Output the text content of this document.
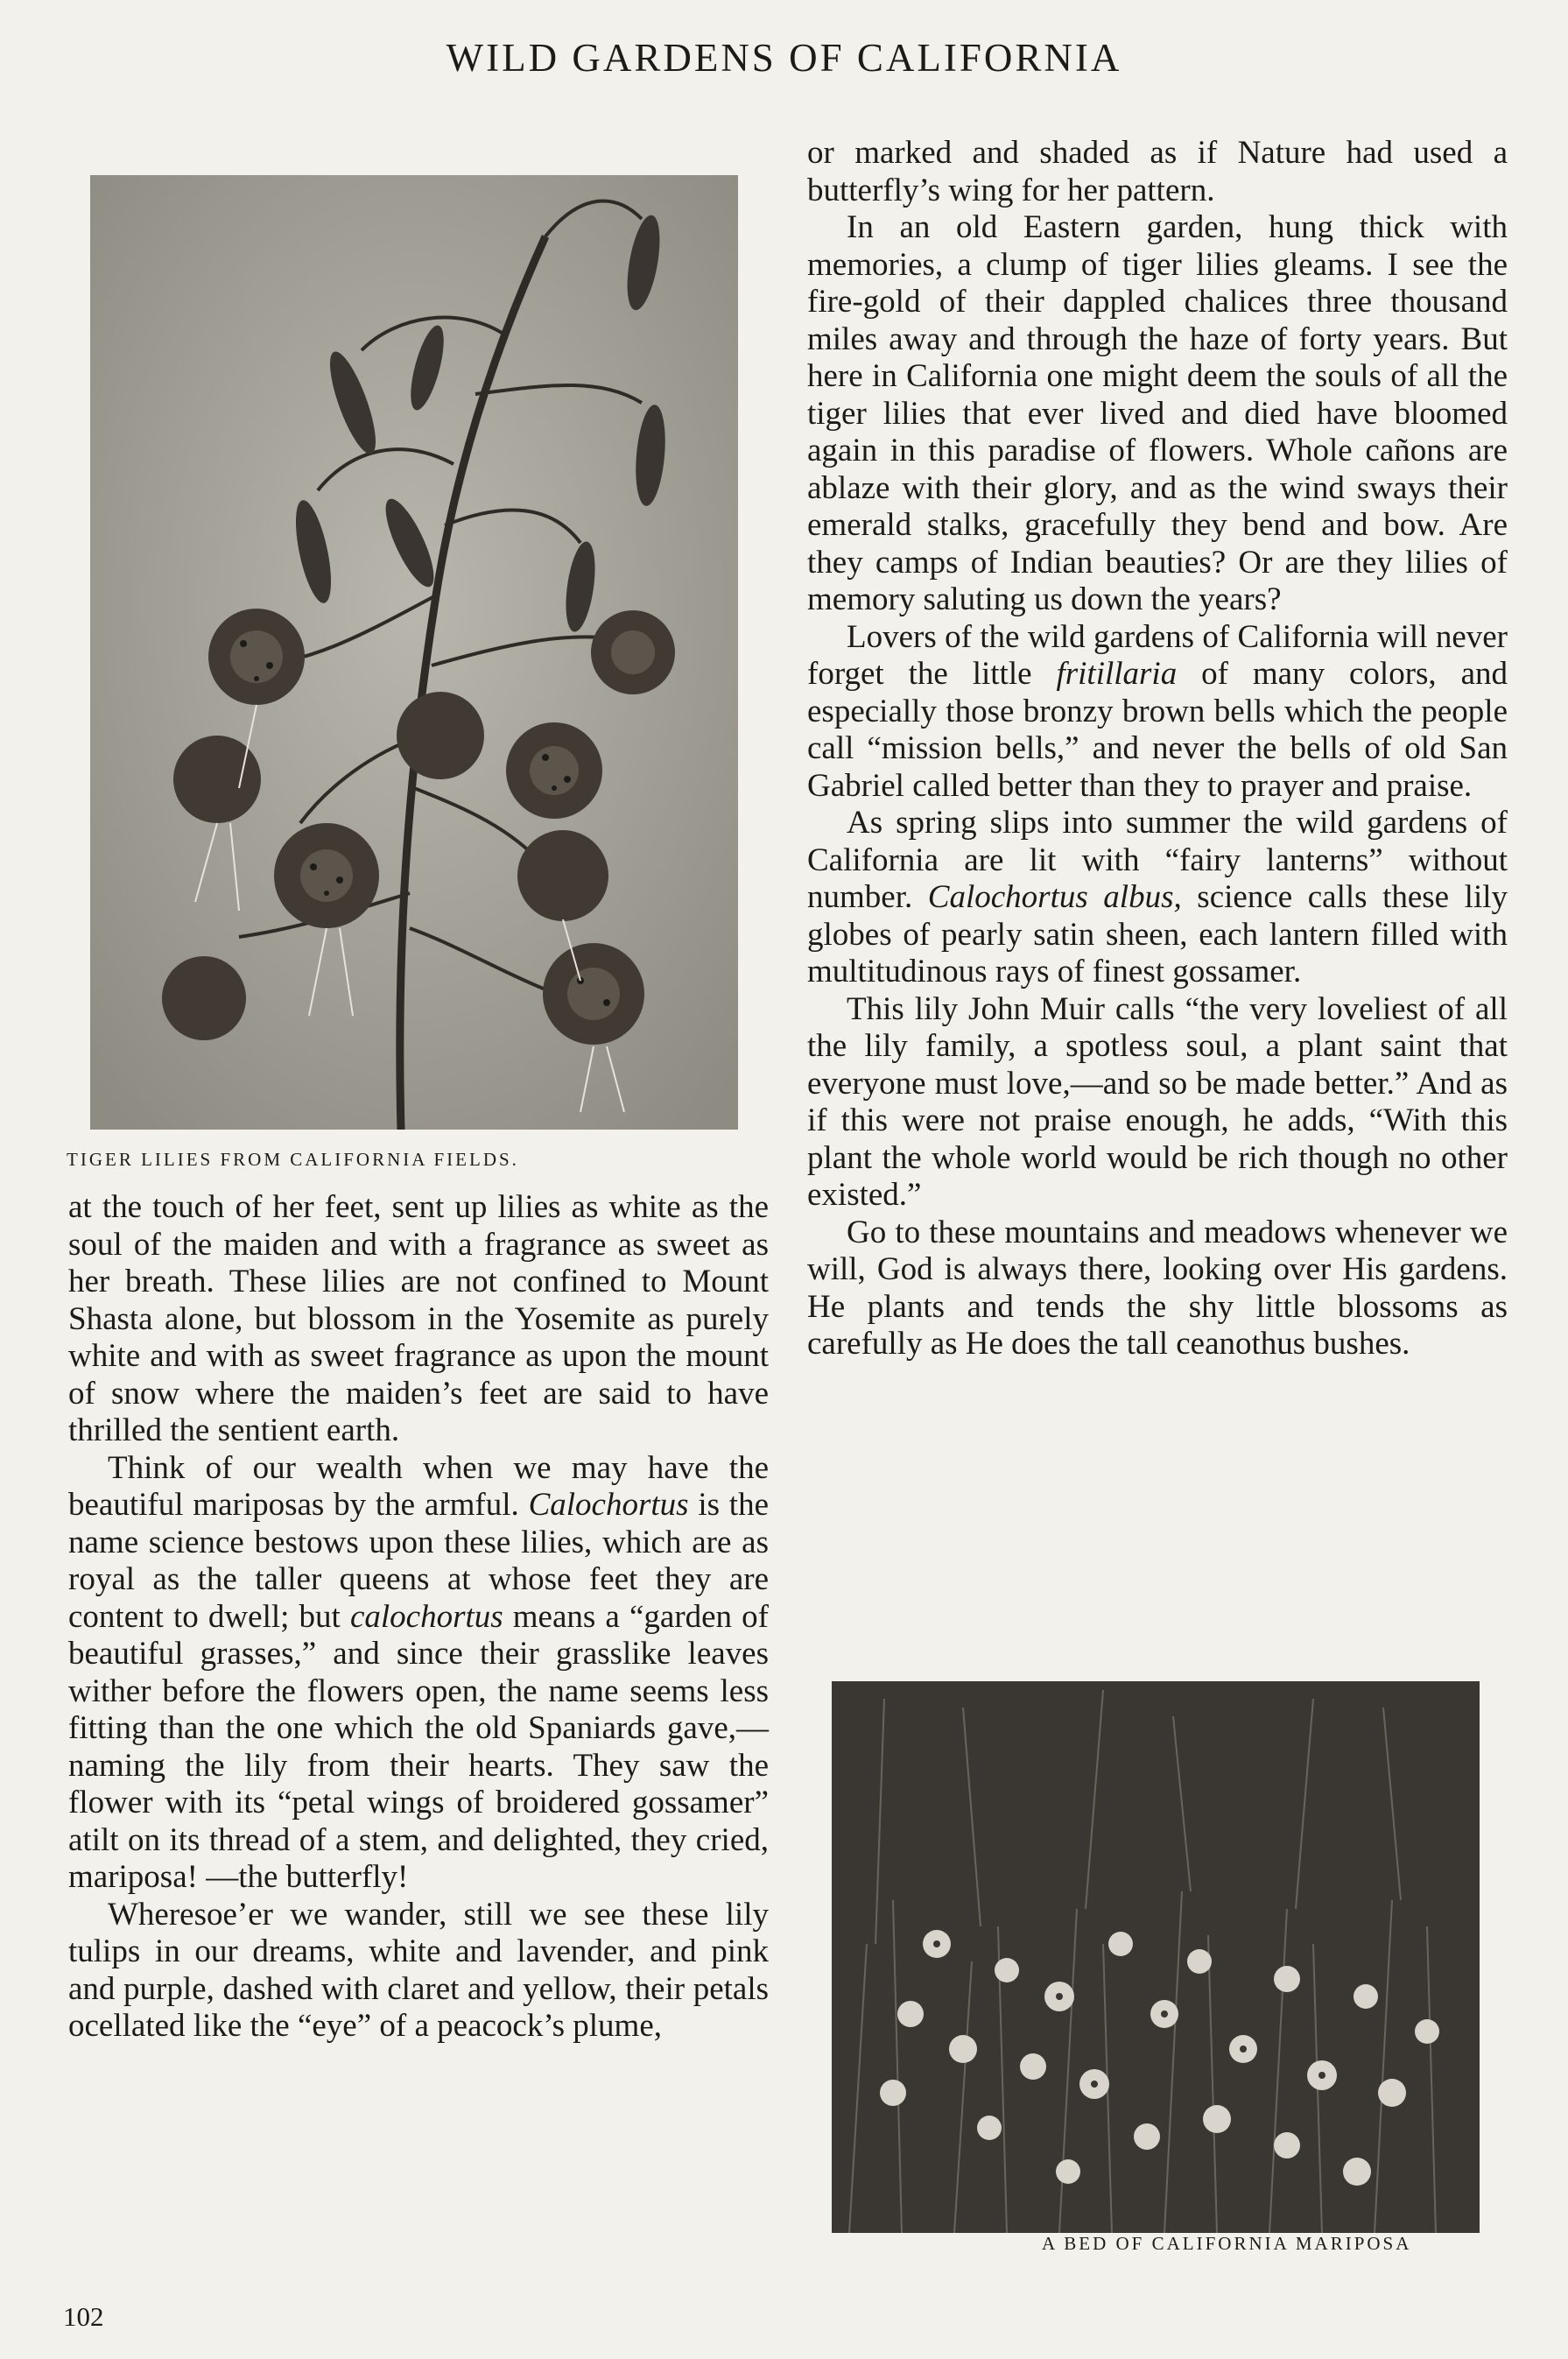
WILD GARDENS OF CALIFORNIA
TIGER LILIES FROM CALIFORNIA FIELDS.

at the touch of her feet, sent up lilies as white as the soul of the maiden and with a fragrance as sweet as her breath. These lilies are not confined to Mount Shasta alone, but blossom in the Yosemite as purely white and with as sweet fragrance as upon the mount of snow where the maiden’s feet are said to have thrilled the sentient earth.

Think of our wealth when we may have the beautiful mariposas by the armful. Calochortus is the name science bestows upon these lilies, which are as royal as the taller queens at whose feet they are content to dwell; but calochortus means a “garden of beautiful grasses,” and since their grasslike leaves wither before the flowers open, the name seems less fitting than the one which the old Spaniards gave,—naming the lily from their hearts. They saw the flower with its “petal wings of broidered gossamer” atilt on its thread of a stem, and delighted, they cried, mariposa! —the butterfly!

Wheresoe’er we wander, still we see these lily tulips in our dreams, white and lavender, and pink and purple, dashed with claret and yellow, their petals ocellated like the “eye” of a peacock’s plume,

or marked and shaded as if Nature had used a butterfly’s wing for her pattern.

In an old Eastern garden, hung thick with memories, a clump of tiger lilies gleams. I see the fire-gold of their dappled chalices three thousand miles away and through the haze of forty years. But here in California one might deem the souls of all the tiger lilies that ever lived and died have bloomed again in this paradise of flowers. Whole cañons are ablaze with their glory, and as the wind sways their emerald stalks, gracefully they bend and bow. Are they camps of Indian beauties? Or are they lilies of memory saluting us down the years?

Lovers of the wild gardens of California will never forget the little fritillaria of many colors, and especially those bronzy brown bells which the people call “mission bells,” and never the bells of old San Gabriel called better than they to prayer and praise.

As spring slips into summer the wild gardens of California are lit with “fairy lanterns” without number. Calochortus albus, science calls these lily globes of pearly satin sheen, each lantern filled with multitudinous rays of finest gossamer.

This lily John Muir calls “the very loveliest of all the lily family, a spotless soul, a plant saint that everyone must love,—and so be made better.” And as if this were not praise enough, he adds, “With this plant the whole world would be rich though no other existed.”

Go to these mountains and meadows whenever we will, God is always there, looking over His gardens. He plants and tends the shy little blossoms as carefully as He does the tall ceanothus bushes.

A BED OF CALIFORNIA MARIPOSA
102
